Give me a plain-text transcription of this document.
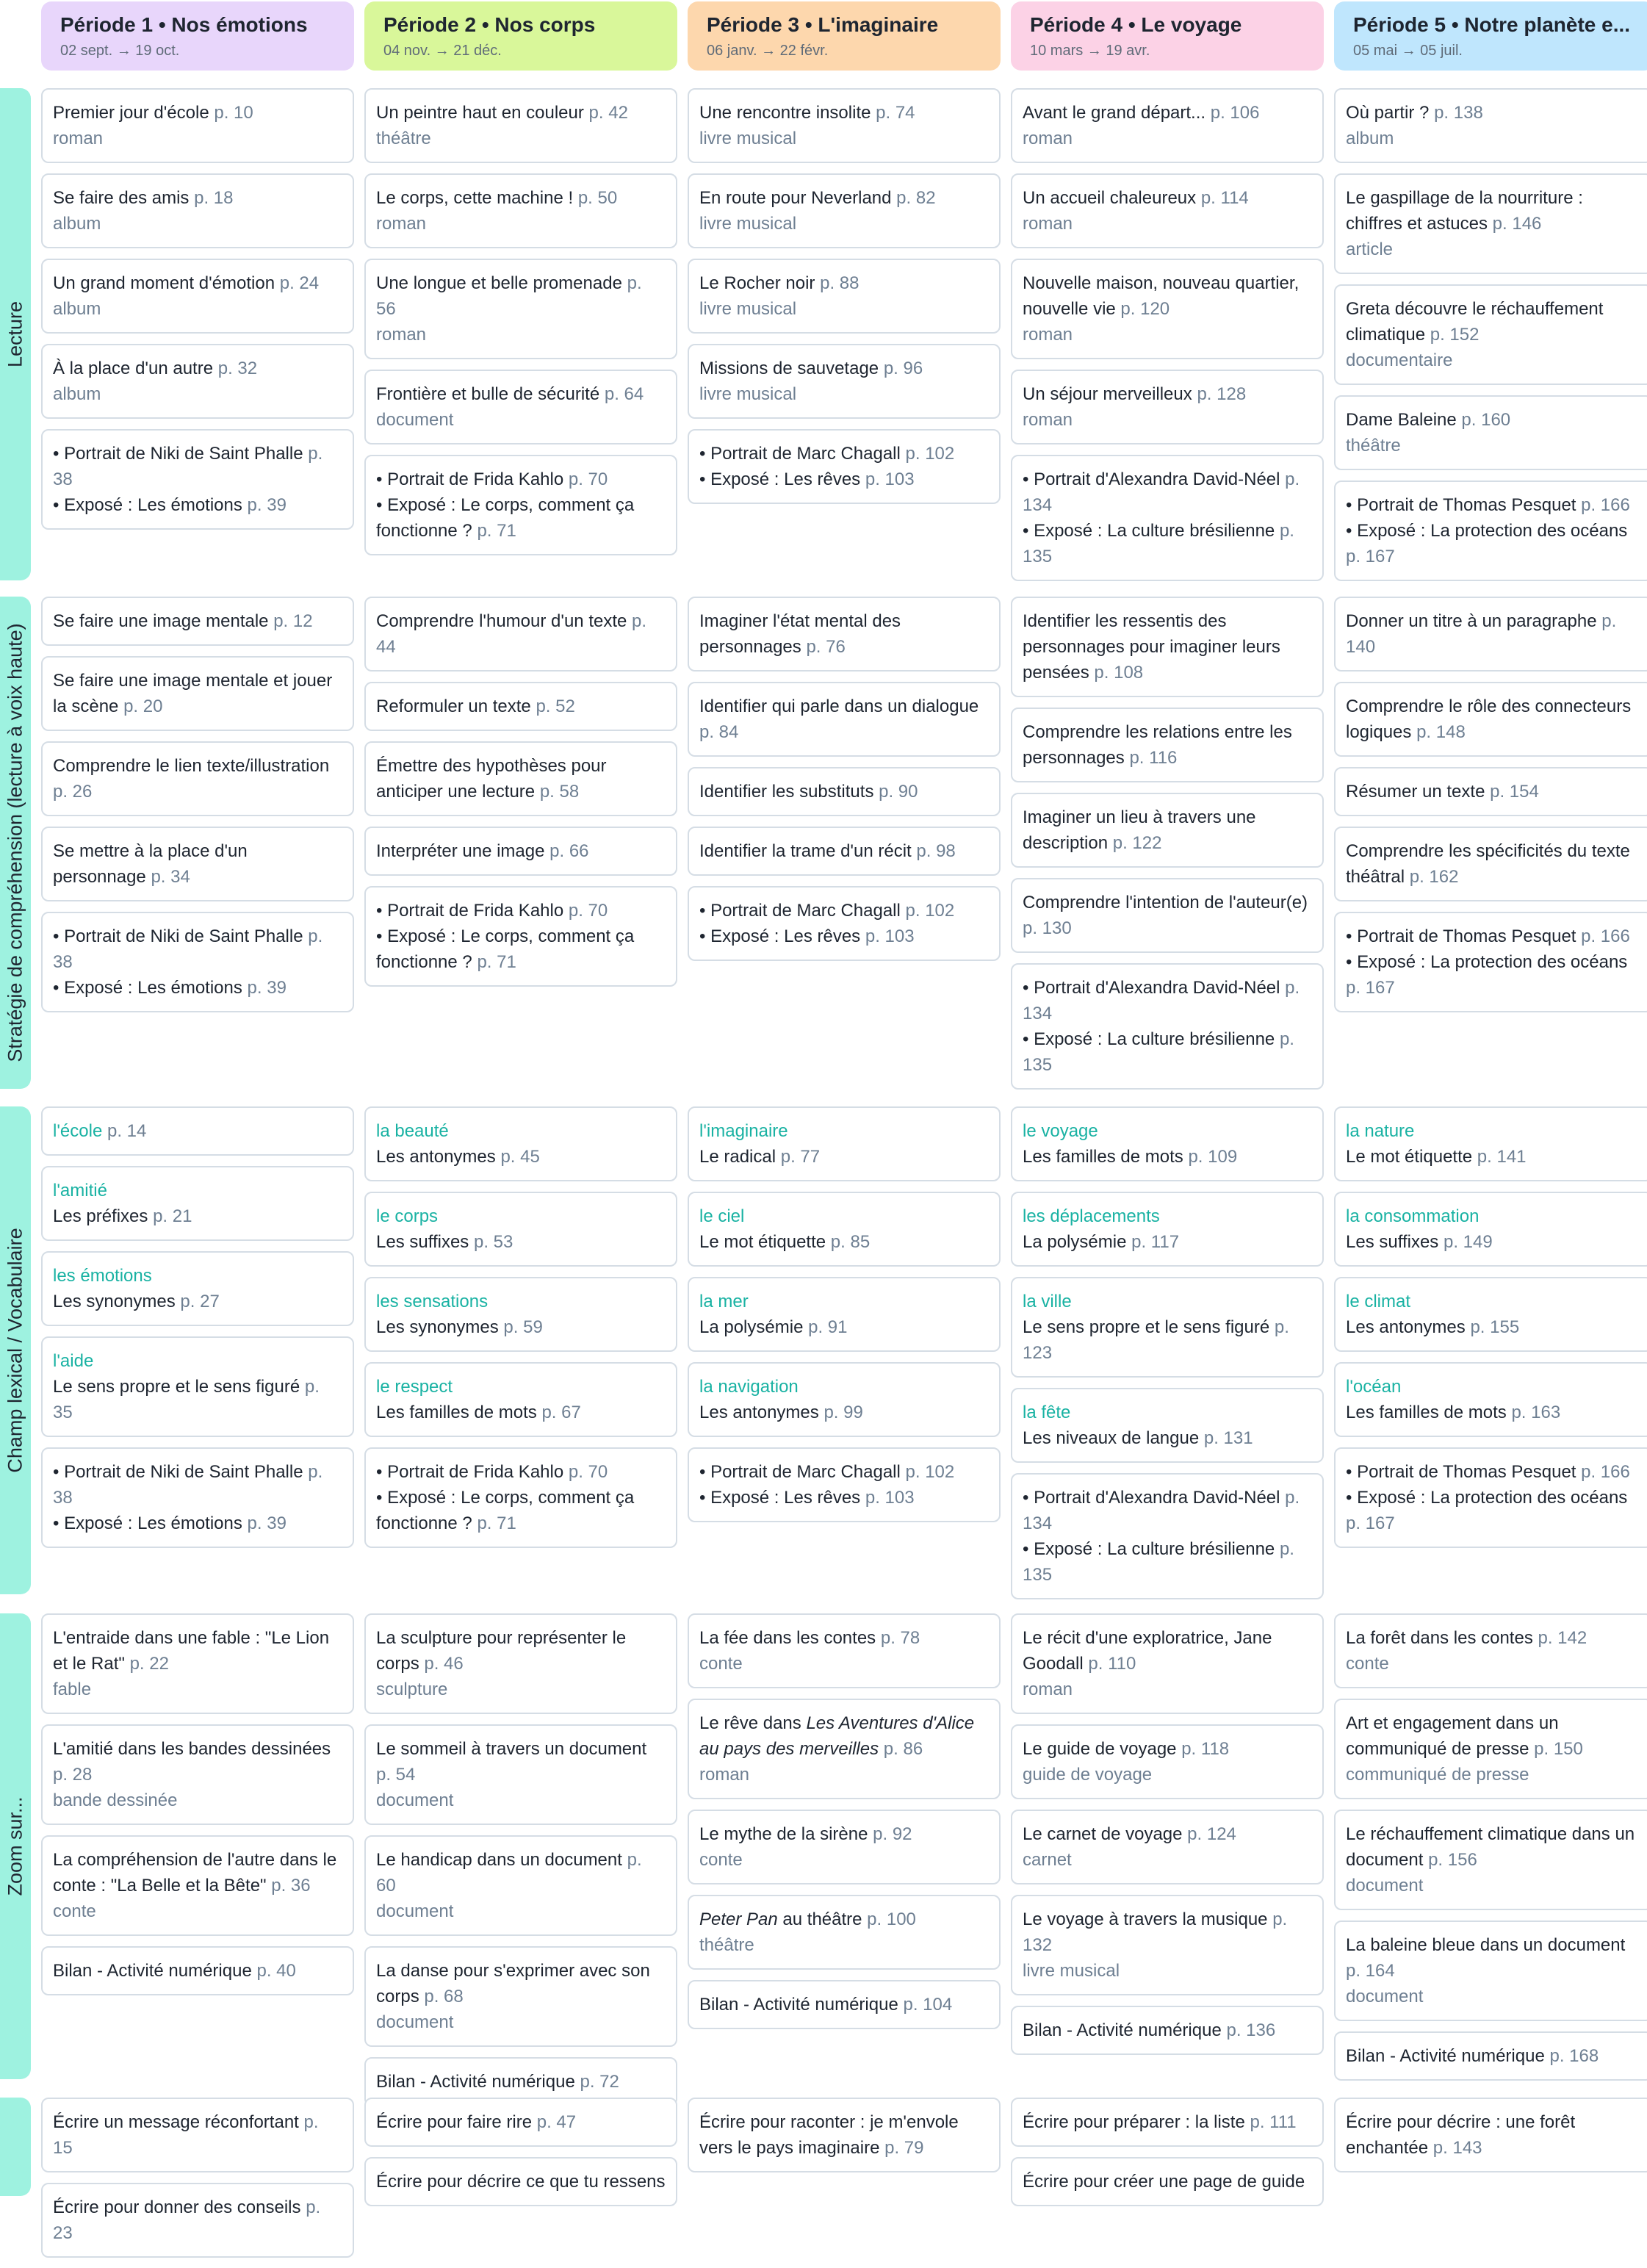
Période 1 • Nos émotions
02 sept. → 19 oct.
Période 2 • Nos corps
04 nov. → 21 déc.
Période 3 • L'imaginaire
06 janv. → 22 févr.
Période 4 • Le voyage
10 mars → 19 avr.
Période 5 • Notre planète e...
05 mai → 05 juil.
Lecture
Stratégie de compréhension (lecture à voix haute)
Champ lexical / Vocabulaire
Zoom sur...
Premier jour d'école p. 10
roman
Se faire des amis p. 18
album
Un grand moment d'émotion p. 24
album
À la place d'un autre p. 32
album
• Portrait de Niki de Saint Phalle p. 38
• Exposé : Les émotions p. 39
Un peintre haut en couleur p. 42
théâtre
Le corps, cette machine ! p. 50
roman
Une longue et belle promenade p. 56
roman
Frontière et bulle de sécurité p. 64
document
• Portrait de Frida Kahlo p. 70
• Exposé : Le corps, comment ça fonctionne ? p. 71
Une rencontre insolite p. 74
livre musical
En route pour Neverland p. 82
livre musical
Le Rocher noir p. 88
livre musical
Missions de sauvetage p. 96
livre musical
• Portrait de Marc Chagall p. 102
• Exposé : Les rêves p. 103
Avant le grand départ... p. 106
roman
Un accueil chaleureux p. 114
roman
Nouvelle maison, nouveau quartier, nouvelle vie p. 120
roman
Un séjour merveilleux p. 128
roman
• Portrait d'Alexandra David-Néel p. 134
• Exposé : La culture brésilienne p. 135
Où partir ? p. 138
album
Le gaspillage de la nourriture : chiffres et astuces p. 146
article
Greta découvre le réchauffement climatique p. 152
documentaire
Dame Baleine p. 160
théâtre
• Portrait de Thomas Pesquet p. 166
• Exposé : La protection des océans p. 167
Se faire une image mentale p. 12
Se faire une image mentale et jouer la scène p. 20
Comprendre le lien texte/illustration p. 26
Se mettre à la place d'un personnage p. 34
• Portrait de Niki de Saint Phalle p. 38
• Exposé : Les émotions p. 39
Comprendre l'humour d'un texte p. 44
Reformuler un texte p. 52
Émettre des hypothèses pour anticiper une lecture p. 58
Interpréter une image p. 66
• Portrait de Frida Kahlo p. 70
• Exposé : Le corps, comment ça fonctionne ? p. 71
Imaginer l'état mental des personnages p. 76
Identifier qui parle dans un dialogue p. 84
Identifier les substituts p. 90
Identifier la trame d'un récit p. 98
• Portrait de Marc Chagall p. 102
• Exposé : Les rêves p. 103
Identifier les ressentis des personnages pour imaginer leurs pensées p. 108
Comprendre les relations entre les personnages p. 116
Imaginer un lieu à travers une description p. 122
Comprendre l'intention de l'auteur(e) p. 130
• Portrait d'Alexandra David-Néel p. 134
• Exposé : La culture brésilienne p. 135
Donner un titre à un paragraphe p. 140
Comprendre le rôle des connecteurs logiques p. 148
Résumer un texte p. 154
Comprendre les spécificités du texte théâtral p. 162
• Portrait de Thomas Pesquet p. 166
• Exposé : La protection des océans p. 167
l'école p. 14
l'amitié
Les préfixes p. 21
les émotions
Les synonymes p. 27
l'aide
Le sens propre et le sens figuré p. 35
• Portrait de Niki de Saint Phalle p. 38
• Exposé : Les émotions p. 39
la beauté
Les antonymes p. 45
le corps
Les suffixes p. 53
les sensations
Les synonymes p. 59
le respect
Les familles de mots p. 67
• Portrait de Frida Kahlo p. 70
• Exposé : Le corps, comment ça fonctionne ? p. 71
l'imaginaire
Le radical p. 77
le ciel
Le mot étiquette p. 85
la mer
La polysémie p. 91
la navigation
Les antonymes p. 99
• Portrait de Marc Chagall p. 102
• Exposé : Les rêves p. 103
le voyage
Les familles de mots p. 109
les déplacements
La polysémie p. 117
la ville
Le sens propre et le sens figuré p. 123
la fête
Les niveaux de langue p. 131
• Portrait d'Alexandra David-Néel p. 134
• Exposé : La culture brésilienne p. 135
la nature
Le mot étiquette p. 141
la consommation
Les suffixes p. 149
le climat
Les antonymes p. 155
l'océan
Les familles de mots p. 163
• Portrait de Thomas Pesquet p. 166
• Exposé : La protection des océans p. 167
L'entraide dans une fable : "Le Lion et le Rat" p. 22
fable
L'amitié dans les bandes dessinées p. 28
bande dessinée
La compréhension de l'autre dans le conte : "La Belle et la Bête" p. 36
conte
Bilan - Activité numérique p. 40
La sculpture pour représenter le corps p. 46
sculpture
Le sommeil à travers un document p. 54
document
Le handicap dans un document p. 60
document
La danse pour s'exprimer avec son corps p. 68
document
Bilan - Activité numérique p. 72
La fée dans les contes p. 78
conte
Le rêve dans Les Aventures d'Alice au pays des merveilles p. 86
roman
Le mythe de la sirène p. 92
conte
Peter Pan au théâtre p. 100
théâtre
Bilan - Activité numérique p. 104
Le récit d'une exploratrice, Jane Goodall p. 110
roman
Le guide de voyage p. 118
guide de voyage
Le carnet de voyage p. 124
carnet
Le voyage à travers la musique p. 132
livre musical
Bilan - Activité numérique p. 136
La forêt dans les contes p. 142
conte
Art et engagement dans un communiqué de presse p. 150
communiqué de presse
Le réchauffement climatique dans un document p. 156
document
La baleine bleue dans un document p. 164
document
Bilan - Activité numérique p. 168
Écrire un message réconfortant p. 15
Écrire pour donner des conseils p. 23
Écrire pour faire rire p. 47
Écrire pour décrire ce que tu ressens
Écrire pour raconter : je m'envole vers le pays imaginaire p. 79
Écrire pour préparer : la liste p. 111
Écrire pour créer une page de guide
Écrire pour décrire : une forêt enchantée p. 143
